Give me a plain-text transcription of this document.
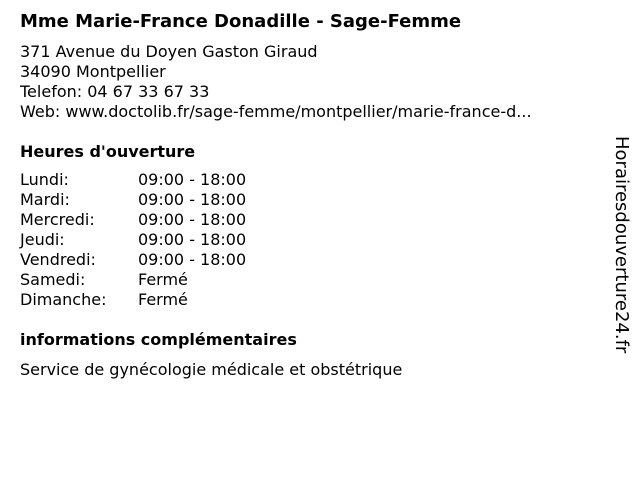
Mme Marie-France Donadille - Sage-Femme
371 Avenue du Doyen Gaston Giraud
34090 Montpellier
Telefon: 04 67 33 67 33
Web: www.doctolib.fr/sage-femme/montpellier/marie-france-d...
Heures d'ouverture
Lundi:	09:00 - 18:00
Mardi:	09:00 - 18:00
Mercredi:	09:00 - 18:00
Jeudi:	09:00 - 18:00
Vendredi:	09:00 - 18:00
Samedi:	Fermé
Dimanche:	Fermé
informations complémentaires
Service de gynécologie médicale et obstétrique
Horairesdouverture24.fr
